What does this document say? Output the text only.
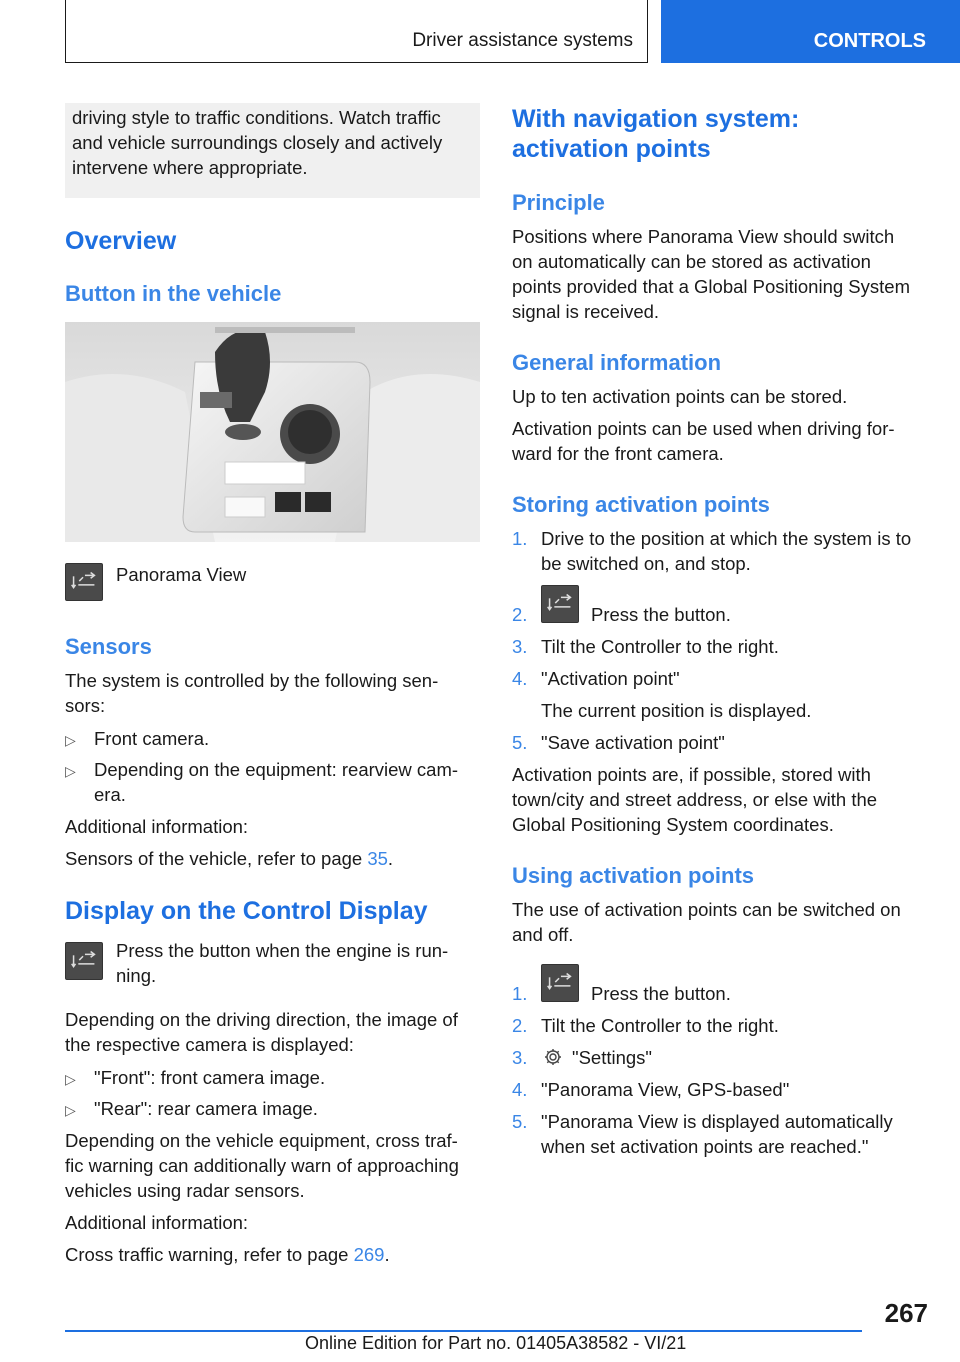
Driver assistance systems	CONTROLS
driving style to traffic conditions. Watch traffic and vehicle surroundings closely and actively intervene where appropriate.

Overview

Button in the vehicle

Panorama View

Sensors

The system is controlled by the following sen-

sors:

▷ Front camera.

▷ Depending on the equipment: rearview cam-

era.

Additional information:

Sensors of the vehicle, refer to page 35.

Display on the Control Display

Press the button when the engine is run-

ning.

Depending on the driving direction, the image of

the respective camera is displayed:

▷ "Front": front camera image.

▷ "Rear": rear camera image.

Depending on the vehicle equipment, cross traf-

fic warning can additionally warn of approaching

vehicles using radar sensors.

Additional information:

Cross traffic warning, refer to page 269.

With navigation system:

activation points

Principle

Positions where Panorama View should switch

on automatically can be stored as activation

points provided that a Global Positioning System

signal is received.

General information

Up to ten activation points can be stored.

Activation points can be used when driving for-

ward for the front camera.

Storing activation points

1. Drive to the position at which the system is to
be switched on, and stop.
2.	Press the button.
3. Tilt the Controller to the right.
4. "Activation point"
The current position is displayed.
5. "Save activation point"

Activation points are, if possible, stored with

town/city and street address, or else with the

Global Positioning System coordinates.

Using activation points

The use of activation points can be switched on

and off.

1.	Press the button.
2. Tilt the Controller to the right.
3. "Settings"
4. "Panorama View, GPS-based"
5. "Panorama View is displayed automatically
when set activation points are reached."
267
Online Edition for Part no. 01405A38582 - VI/21
